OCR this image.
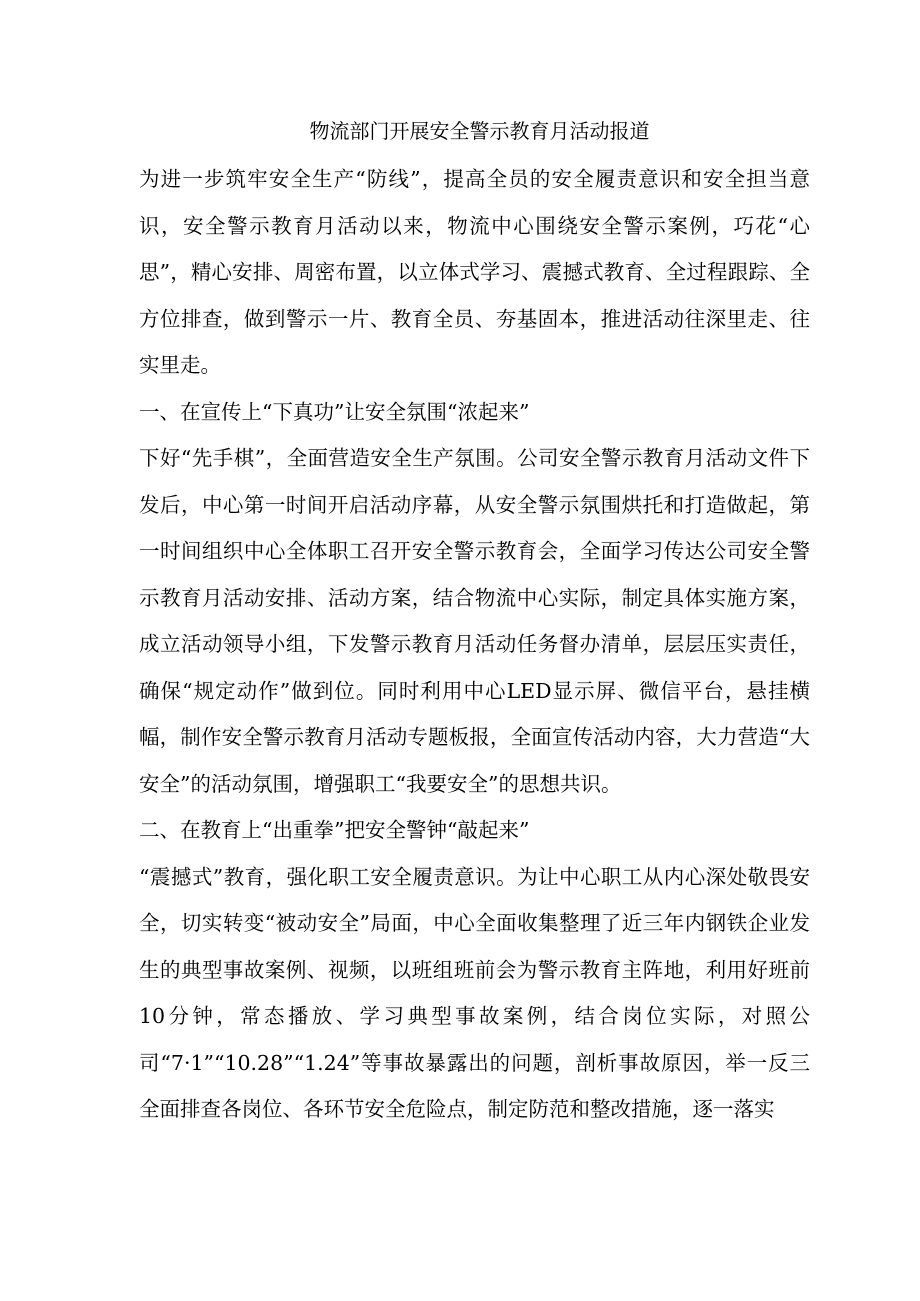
物流部门开展安全警示教育月活动报道

为进一步筑牢安全生产“防线”，提高全员的安全履责意识和安全担当意识，安全警示教育月活动以来，物流中心围绕安全警示案例，巧花“心思”，精心安排、周密布置，以立体式学习、震撼式教育、全过程跟踪、全方位排查，做到警示一片、教育全员、夯基固本，推进活动往深里走、往实里走。

一、在宣传上“下真功”让安全氛围“浓起来”

下好“先手棋”，全面营造安全生产氛围。公司安全警示教育月活动文件下发后，中心第一时间开启活动序幕，从安全警示氛围烘托和打造做起，第一时间组织中心全体职工召开安全警示教育会，全面学习传达公司安全警示教育月活动安排、活动方案，结合物流中心实际，制定具体实施方案，成立活动领导小组，下发警示教育月活动任务督办清单，层层压实责任，确保“规定动作”做到位。同时利用中心LED显示屏、微信平台，悬挂横幅，制作安全警示教育月活动专题板报，全面宣传活动内容，大力营造“大安全”的活动氛围，增强职工“我要安全”的思想共识。

二、在教育上“出重拳”把安全警钟“敲起来”

“震撼式”教育，强化职工安全履责意识。为让中心职工从内心深处敬畏安全，切实转变“被动安全”局面，中心全面收集整理了近三年内钢铁企业发生的典型事故案例、视频，以班组班前会为警示教育主阵地，利用好班前10分钟，常态播放、学习典型事故案例，结合岗位实际，对照公司“7·1”“10.28”“1.24”等事故暴露出的问题，剖析事故原因，举一反三全面排查各岗位、各环节安全危险点，制定防范和整改措施，逐一落实
